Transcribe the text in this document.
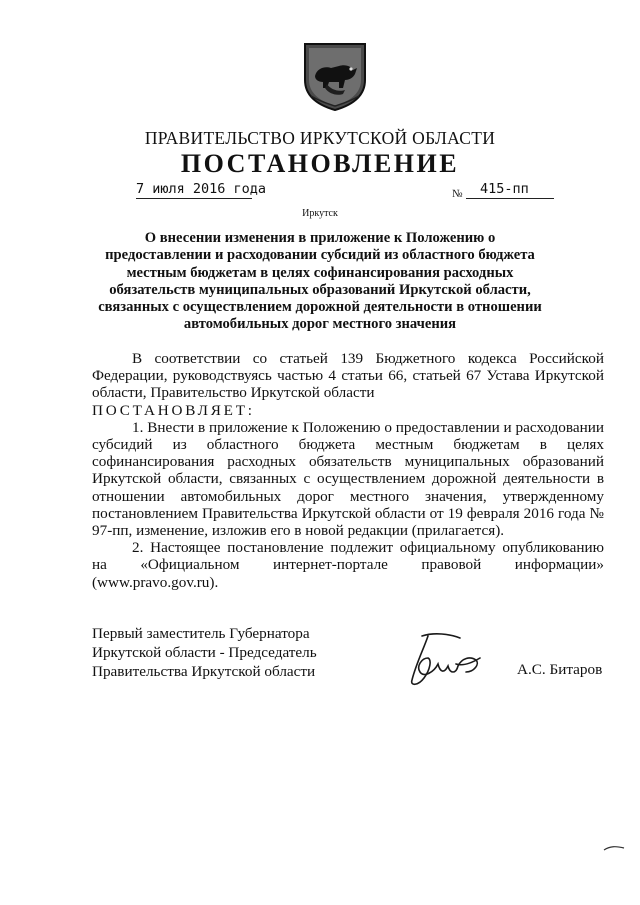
ПРАВИТЕЛЬСТВО ИРКУТСКОЙ ОБЛАСТИ
ПОСТАНОВЛЕНИЕ
7 июля 2016 года	№	415-пп
Иркутск
О внесении изменения в приложение к Положению о предоставлении и расходовании субсидий из областного бюджета местным бюджетам в целях софинансирования расходных обязательств муниципальных образований Иркутской области, связанных с осуществлением дорожной деятельности в отношении автомобильных дорог местного значения

В соответствии со статьей 139 Бюджетного кодекса Российской Федерации, руководствуясь частью 4 статьи 66, статьей 67 Устава Иркутской области, Правительство Иркутской области

ПОСТАНОВЛЯЕТ:

1. Внести в приложение к Положению о предоставлении и расходовании субсидий из областного бюджета местным бюджетам в целях софинансирования расходных обязательств муниципальных образований Иркутской области, связанных с осуществлением дорожной деятельности в отношении автомобильных дорог местного значения, утвержденному постановлением Правительства Иркутской области от 19 февраля 2016 года № 97-пп, изменение, изложив его в новой редакции (прилагается).

2. Настоящее постановление подлежит официальному опубликованию на «Официальном интернет-портале правовой информации» (www.pravo.gov.ru).

Первый заместитель Губернатора
Иркутской области - Председатель
Правительства Иркутской области	А.С. Битаров
